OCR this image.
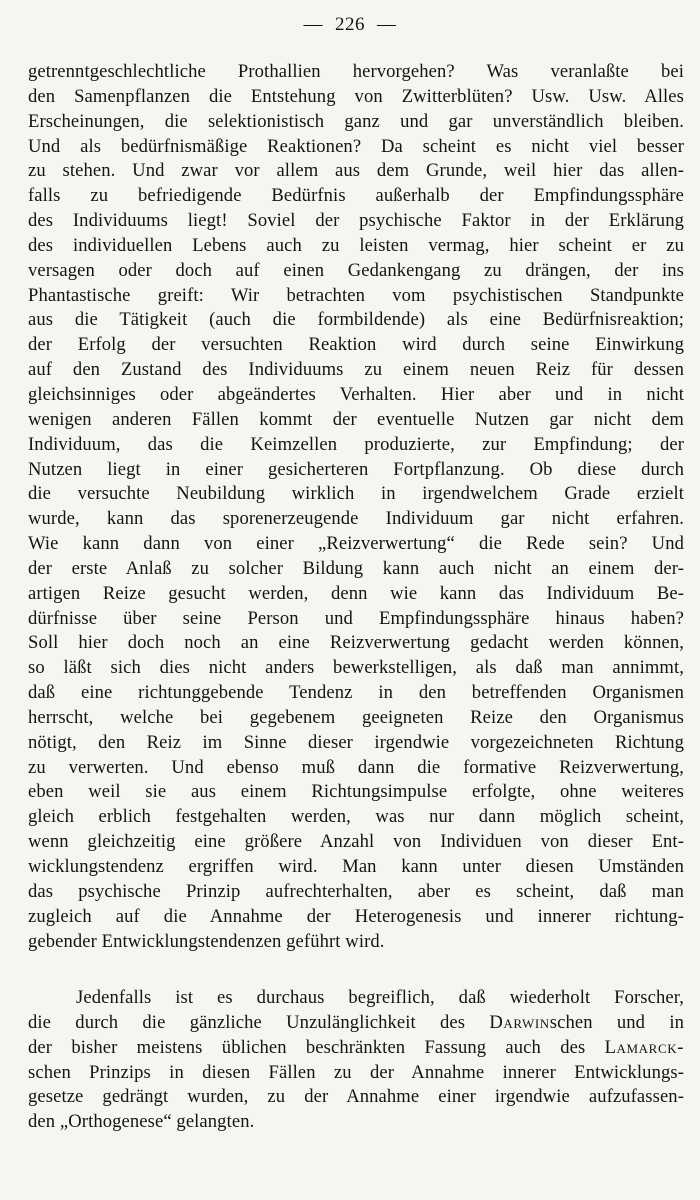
— 226 —
getrenntgeschlechtliche Prothallien hervorgehen? Was veranlaßte bei
den Samenpflanzen die Entstehung von Zwitterblüten? Usw. Usw. Alles
Erscheinungen, die selektionistisch ganz und gar unverständlich bleiben.
Und als bedürfnismäßige Reaktionen? Da scheint es nicht viel besser
zu stehen. Und zwar vor allem aus dem Grunde, weil hier das allen-
falls zu befriedigende Bedürfnis außerhalb der Empfindungssphäre
des Individuums liegt! Soviel der psychische Faktor in der Erklärung
des individuellen Lebens auch zu leisten vermag, hier scheint er zu
versagen oder doch auf einen Gedankengang zu drängen, der ins
Phantastische greift: Wir betrachten vom psychistischen Standpunkte
aus die Tätigkeit (auch die formbildende) als eine Bedürfnisreaktion;
der Erfolg der versuchten Reaktion wird durch seine Einwirkung
auf den Zustand des Individuums zu einem neuen Reiz für dessen
gleichsinniges oder abgeändertes Verhalten. Hier aber und in nicht
wenigen anderen Fällen kommt der eventuelle Nutzen gar nicht dem
Individuum, das die Keimzellen produzierte, zur Empfindung; der
Nutzen liegt in einer gesicherteren Fortpflanzung. Ob diese durch
die versuchte Neubildung wirklich in irgendwelchem Grade erzielt
wurde, kann das sporenerzeugende Individuum gar nicht erfahren.
Wie kann dann von einer „Reizverwertung“ die Rede sein? Und
der erste Anlaß zu solcher Bildung kann auch nicht an einem der-
artigen Reize gesucht werden, denn wie kann das Individuum Be-
dürfnisse über seine Person und Empfindungssphäre hinaus haben?
Soll hier doch noch an eine Reizverwertung gedacht werden können,
so läßt sich dies nicht anders bewerkstelligen, als daß man annimmt,
daß eine richtunggebende Tendenz in den betreffenden Organismen
herrscht, welche bei gegebenem geeigneten Reize den Organismus
nötigt, den Reiz im Sinne dieser irgendwie vorgezeichneten Richtung
zu verwerten. Und ebenso muß dann die formative Reizverwertung,
eben weil sie aus einem Richtungsimpulse erfolgte, ohne weiteres
gleich erblich festgehalten werden, was nur dann möglich scheint,
wenn gleichzeitig eine größere Anzahl von Individuen von dieser Ent-
wicklungstendenz ergriffen wird. Man kann unter diesen Umständen
das psychische Prinzip aufrechterhalten, aber es scheint, daß man
zugleich auf die Annahme der Heterogenesis und innerer richtung-
gebender Entwicklungstendenzen geführt wird.
Jedenfalls ist es durchaus begreiflich, daß wiederholt Forscher,
die durch die gänzliche Unzulänglichkeit des Darwinschen und in
der bisher meistens üblichen beschränkten Fassung auch des Lamarck-
schen Prinzips in diesen Fällen zu der Annahme innerer Entwicklungs-
gesetze gedrängt wurden, zu der Annahme einer irgendwie aufzufassen-
den „Orthogenese“ gelangten.
